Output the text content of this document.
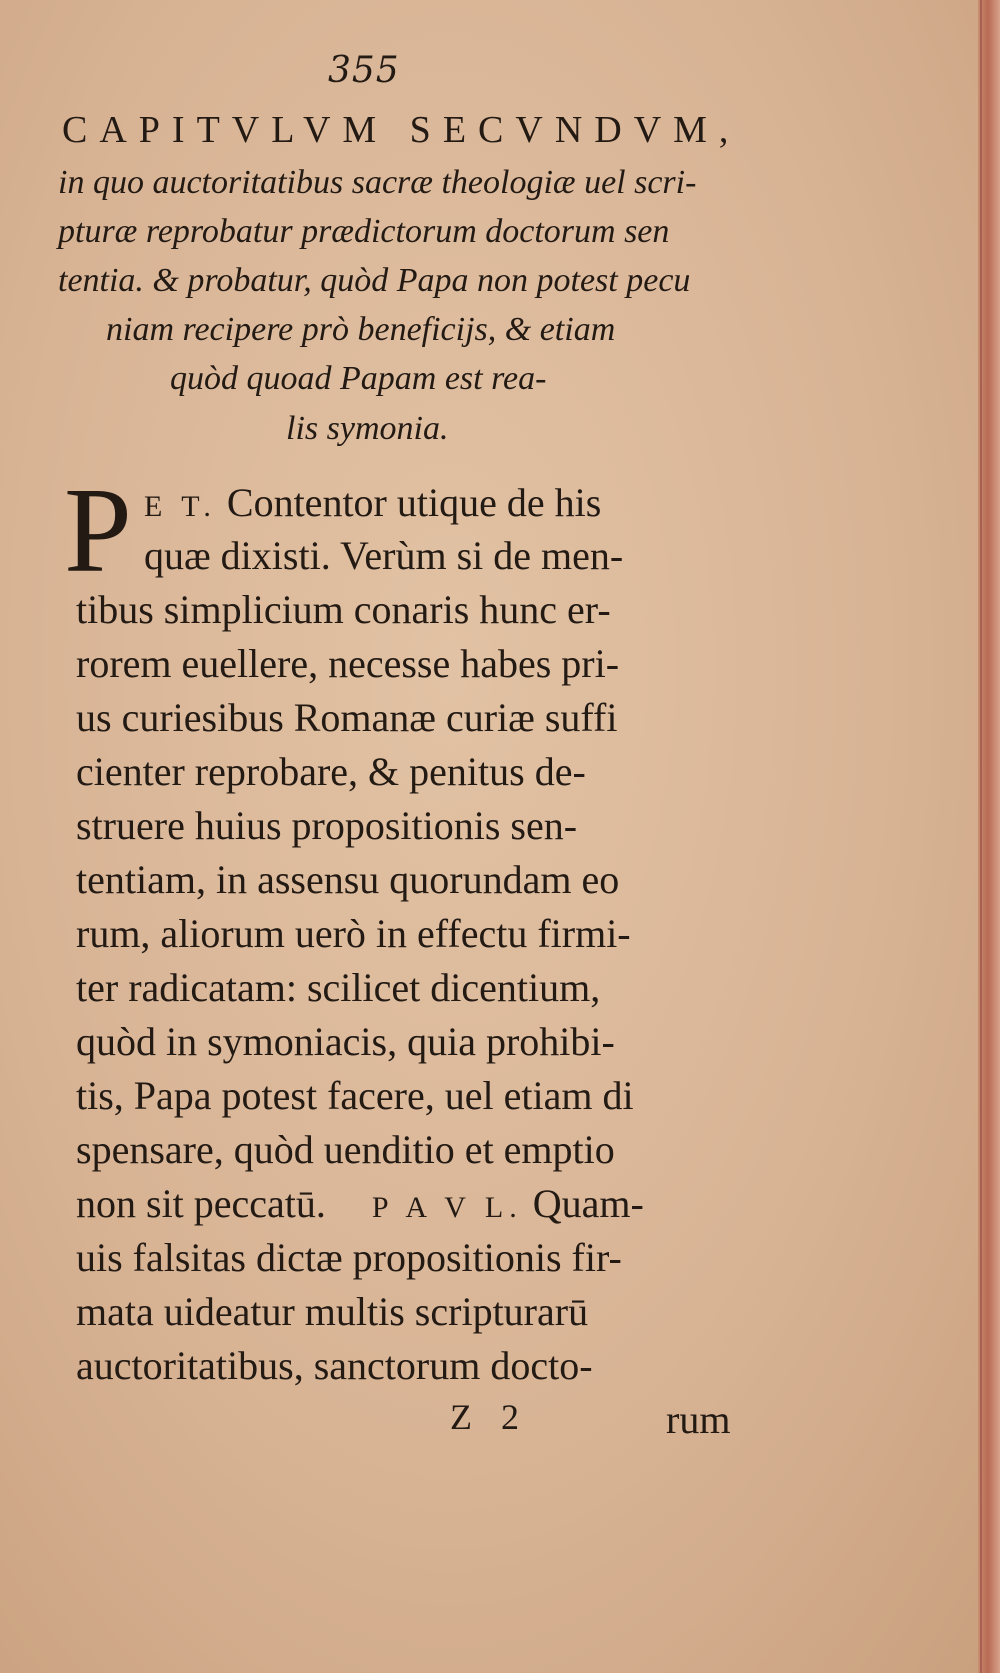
355
CAPITVLVM SECVNDVM,
in quo auctoritatibus sacræ theologiæ uel scri-
pturæ reprobatur prædictorum doctorum sen
tentia. & probatur, quòd Papa non potest pecu
niam recipere prò beneficijs, & etiam
quòd quoad Papam est rea-
lis symonia.
P E T. Contentor utique de his
quæ dixisti. Verùm si de men-
tibus simplicium conaris hunc er-
rorem euellere, necesse habes pri-
us curiesibus Romanæ curiæ suffi
cienter reprobare, & penitus de-
struere huius propositionis sen-
tentiam, in assensu quorundam eo
rum, aliorum uerò in effectu firmi-
ter radicatam: scilicet dicentium,
quòd in symoniacis, quia prohibi-
tis, Papa potest facere, uel etiam di
spensare, quòd uenditio et emptio
non sit peccatū. P A V L. Quam-
uis falsitas dictæ propositionis fir-
mata uideatur multis scripturarū
auctoritatibus, sanctorum docto-
Z 2	rum
